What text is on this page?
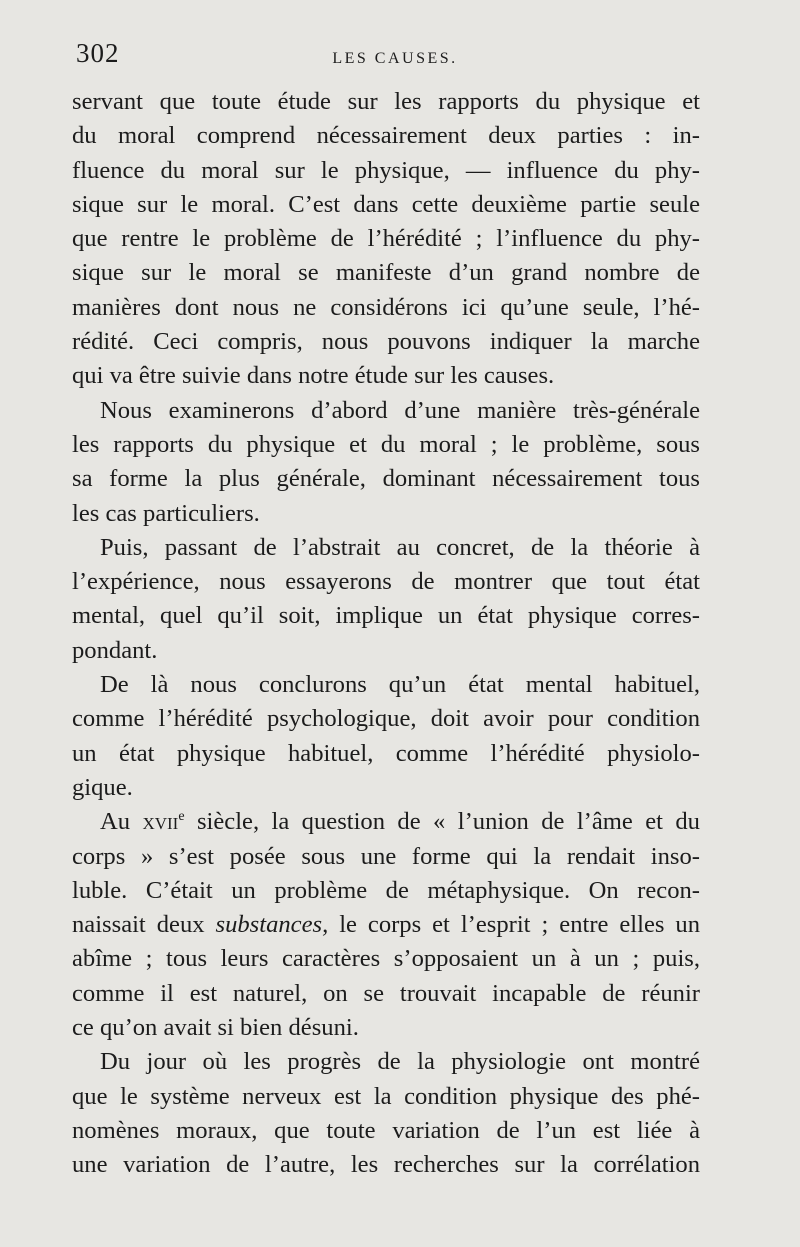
302	LES CAUSES.
servant que toute étude sur les rapports du physique et
du moral comprend nécessairement deux parties : in-
fluence du moral sur le physique, — influence du phy-
sique sur le moral. C’est dans cette deuxième partie seule
que rentre le problème de l’hérédité ; l’influence du phy-
sique sur le moral se manifeste d’un grand nombre de
manières dont nous ne considérons ici qu’une seule, l’hé-
rédité. Ceci compris, nous pouvons indiquer la marche
qui va être suivie dans notre étude sur les causes.
Nous examinerons d’abord d’une manière très-générale
les rapports du physique et du moral ; le problème, sous
sa forme la plus générale, dominant nécessairement tous
les cas particuliers.
Puis, passant de l’abstrait au concret, de la théorie à
l’expérience, nous essayerons de montrer que tout état
mental, quel qu’il soit, implique un état physique corres-
pondant.
De là nous conclurons qu’un état mental habituel,
comme l’hérédité psychologique, doit avoir pour condition
un état physique habituel, comme l’hérédité physiolo-
gique.
Au xvii$^e$ siècle, la question de « l’union de l’âme et du
corps » s’est posée sous une forme qui la rendait inso-
luble. C’était un problème de métaphysique. On recon-
naissait deux substances, le corps et l’esprit ; entre elles un
abîme ; tous leurs caractères s’opposaient un à un ; puis,
comme il est naturel, on se trouvait incapable de réunir
ce qu’on avait si bien désuni.
Du jour où les progrès de la physiologie ont montré
que le système nerveux est la condition physique des phé-
nomènes moraux, que toute variation de l’un est liée à
une variation de l’autre, les recherches sur la corrélation
